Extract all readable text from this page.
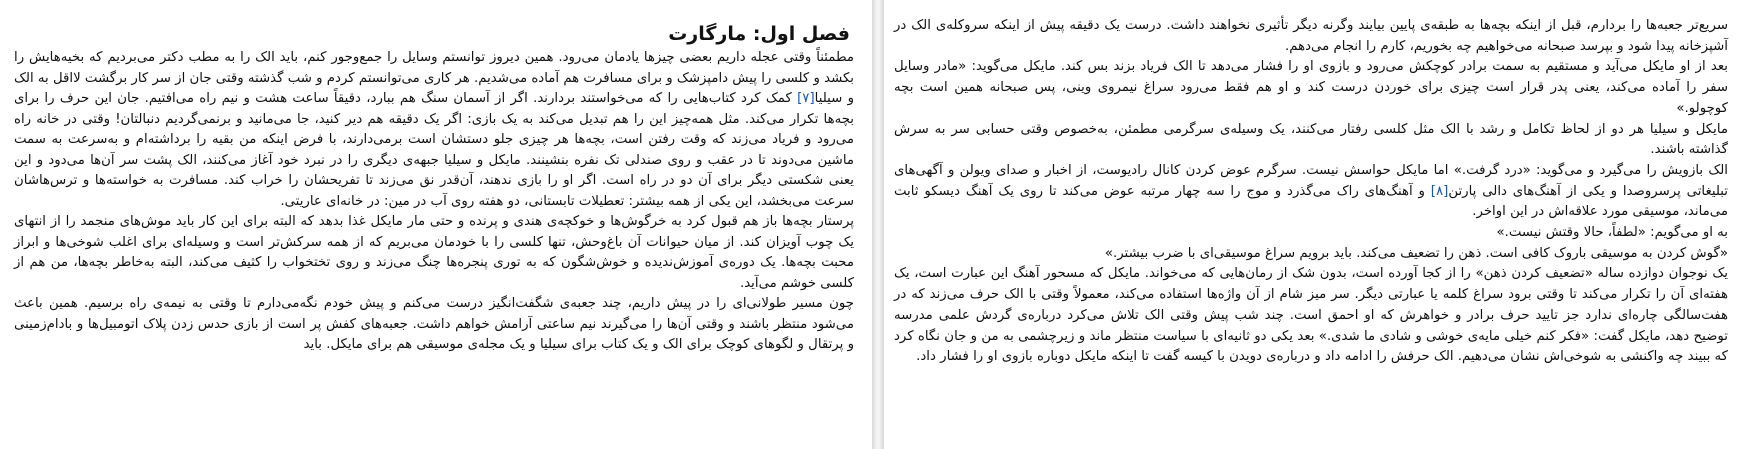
فصل اول: مارگارت

مطمئناً وقتی عجله داریم بعضی چیزها یادمان می‌رود. همین دیروز توانستم وسایل را جمع‌وجور کنم، باید الک را به مطب دکتر می‌بردیم که بخیه‌هایش را بکشد و کلسی را پیش دامپزشک و برای مسافرت هم آماده می‌شدیم. هر کاری می‌توانستم کردم و شب گذشته وقتی جان از سر کار برگشت لااقل به الک و سیلیا[۷] کمک کرد کتاب‌هایی را که می‌خواستند بردارند. اگر از آسمان سنگ هم ببارد، دقیقاً ساعت هشت و نیم راه می‌افتیم. جان این حرف را برای بچه‌ها تکرار می‌کند. مثل همه‌چیز این را هم تبدیل می‌کند به یک بازی: اگر یک دقیقه هم دیر کنید، جا می‌مانید و برنمی‌گردیم دنبالتان! وقتی در خانه راه می‌رود و فریاد می‌زند که وقت رفتن است، بچه‌ها هر چیزی جلو دستشان است برمی‌دارند، با فرض اینکه من بقیه را برداشته‌ام و به‌سرعت به سمت ماشین می‌دوند تا در عقب و روی صندلی تک نفره بنشینند. مایکل و سیلیا جبهه‌ی دیگری را در نبرد خود آغاز می‌کنند، الک پشت سر آن‌ها می‌دود و این یعنی شکستی دیگر برای آن دو در راه است. اگر او را بازی ندهند، آن‌قدر نق می‌زند تا تفریحشان را خراب کند. مسافرت به خواسته‌ها و ترس‌هاشان سرعت می‌بخشد، این یکی از همه بیشتر: تعطیلات تابستانی، دو هفته روی آب در مین: در خانه‌ای عاریتی.

پرستار بچه‌ها باز هم قبول کرد به خرگوش‌ها و خوکچه‌ی هندی و پرنده و حتی مار مایکل غذا بدهد که البته برای این کار باید موش‌های منجمد را از انتهای یک چوب آویزان کند. از میان حیوانات آن باغ‌وحش، تنها کلسی را با خودمان می‌بریم که از همه سرکش‌تر است و وسیله‌ای برای اغلب شوخی‌ها و ابراز محبت بچه‌ها. یک دوره‌ی آموزش‌ندیده و خوش‌شگون که به توری پنجره‌ها چنگ می‌زند و روی تختخواب را کثیف می‌کند، البته به‌خاطر بچه‌ها، من هم از کلسی خوشم می‌آید.

چون مسیر طولانی‌ای را در پیش داریم، چند جعبه‌ی شگفت‌انگیز درست می‌کنم و پیش خودم نگه‌می‌دارم تا وقتی به نیمه‌ی راه برسیم. همین باعث می‌شود منتظر باشند و وقتی آن‌ها را می‌گیرند نیم ساعتی آرامش خواهم داشت. جعبه‌های کفش پر است از بازی حدس زدن پلاک اتومبیل‌ها و بادام‌زمینی و پرتقال و لگوهای کوچک برای الک و یک کتاب برای سیلیا و یک مجله‌ی موسیقی هم برای مایکل. باید

سریع‌تر جعبه‌ها را بردارم، قبل از اینکه بچه‌ها به طبقه‌ی پایین بیایند وگرنه دیگر تأثیری نخواهند داشت. درست یک دقیقه پیش از اینکه سروکله‌ی الک در آشپزخانه پیدا شود و بپرسد صبحانه می‌خواهیم چه بخوریم، کارم را انجام می‌دهم.

بعد از او مایکل می‌آید و مستقیم به سمت برادر کوچکش می‌رود و بازوی او را فشار می‌دهد تا الک فریاد بزند بس کند. مایکل می‌گوید: «مادر وسایل سفر را آماده می‌کند، یعنی پدر قرار است چیزی برای خوردن درست کند و او هم فقط می‌رود سراغ نیمروی وینی، پس صبحانه همین است بچه کوچولو.»

مایکل و سیلیا هر دو از لحاظ تکامل و رشد با الک مثل کلسی رفتار می‌کنند، یک وسیله‌ی سرگرمی مطمئن، به‌خصوص وقتی حسابی سر به سرش گذاشته باشند.

الک بازویش را می‌گیرد و می‌گوید: «درد گرفت.» اما مایکل حواسش نیست. سرگرم عوض کردن کانال رادیوست، از اخبار و صدای ویولن و آگهی‌های تبلیغاتی پرسروصدا و یکی از آهنگ‌های دالی پارتن[۸] و آهنگ‌های راک می‌گذرد و موج را سه چهار مرتبه عوض می‌کند تا روی یک آهنگ دیسکو ثابت می‌ماند، موسیقی مورد علاقه‌اش در این اواخر.

به او می‌گویم: «لطفاً، حالا وقتش نیست.»

«گوش کردن به موسیقی باروک کافی است. ذهن را تضعیف می‌کند. باید برویم سراغ موسیقی‌ای با ضرب بیشتر.»

یک نوجوان دوازده ساله «تضعیف کردن ذهن» را از کجا آورده است، بدون شک از رمان‌هایی که می‌خواند. مایکل که مسحور آهنگ این عبارت است، یک هفته‌ای آن را تکرار می‌کند تا وقتی برود سراغ کلمه یا عبارتی دیگر. سر میز شام از آن واژه‌ها استفاده می‌کند، معمولاً وقتی با الک حرف می‌زند که در هفت‌سالگی چاره‌ای ندارد جز تایید حرف برادر و خواهرش که او احمق است. چند شب پیش وقتی الک تلاش می‌کرد درباره‌ی گردش علمی مدرسه توضیح دهد، مایکل گفت: «فکر کنم خیلی مایه‌ی خوشی و شادی ما شدی.» بعد یکی دو ثانیه‌ای با سیاست منتظر ماند و زیرچشمی به من و جان نگاه کرد که ببیند چه واکنشی به شوخی‌اش نشان می‌دهیم. الک حرفش را ادامه داد و درباره‌ی دویدن با کیسه گفت تا اینکه مایکل دوباره بازوی او را فشار داد.
